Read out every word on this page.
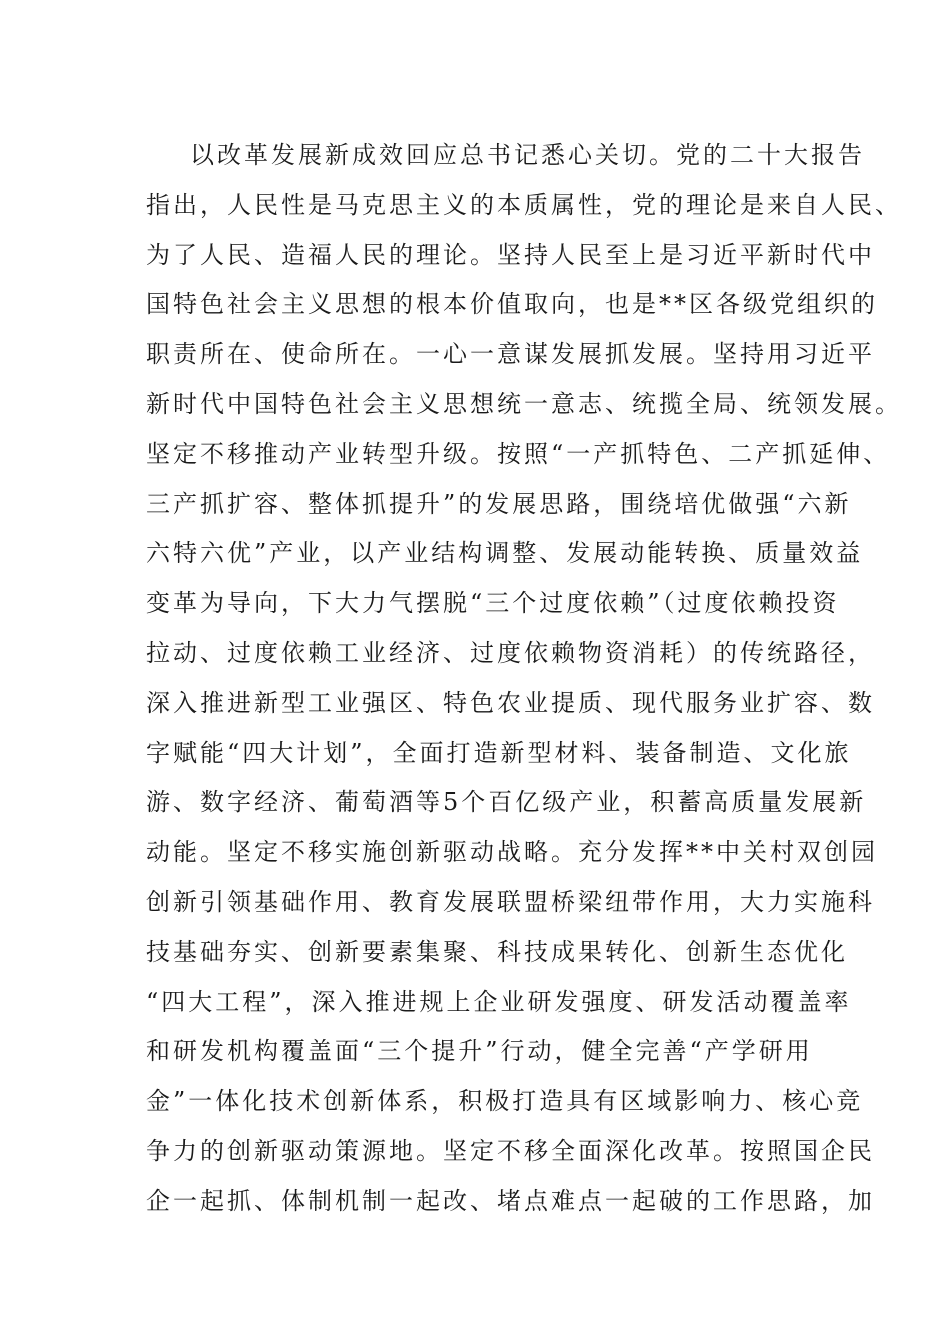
以改革发展新成效回应总书记悉心关切。党的二十大报告
指出，人民性是马克思主义的本质属性，党的理论是来自人民、
为了人民、造福人民的理论。坚持人民至上是习近平新时代中
国特色社会主义思想的根本价值取向，也是**区各级党组织的
职责所在、使命所在。一心一意谋发展抓发展。坚持用习近平
新时代中国特色社会主义思想统一意志、统揽全局、统领发展。
坚定不移推动产业转型升级。按照“一产抓特色、二产抓延伸、
三产抓扩容、整体抓提升”的发展思路，围绕培优做强“六新
六特六优”产业，以产业结构调整、发展动能转换、质量效益
变革为导向，下大力气摆脱“三个过度依赖”（过度依赖投资
拉动、过度依赖工业经济、过度依赖物资消耗）的传统路径，
深入推进新型工业强区、特色农业提质、现代服务业扩容、数
字赋能“四大计划”，全面打造新型材料、装备制造、文化旅
游、数字经济、葡萄酒等5个百亿级产业，积蓄高质量发展新
动能。坚定不移实施创新驱动战略。充分发挥**中关村双创园
创新引领基础作用、教育发展联盟桥梁纽带作用，大力实施科
技基础夯实、创新要素集聚、科技成果转化、创新生态优化
“四大工程”，深入推进规上企业研发强度、研发活动覆盖率
和研发机构覆盖面“三个提升”行动，健全完善“产学研用
金”一体化技术创新体系，积极打造具有区域影响力、核心竞
争力的创新驱动策源地。坚定不移全面深化改革。按照国企民
企一起抓、体制机制一起改、堵点难点一起破的工作思路，加
